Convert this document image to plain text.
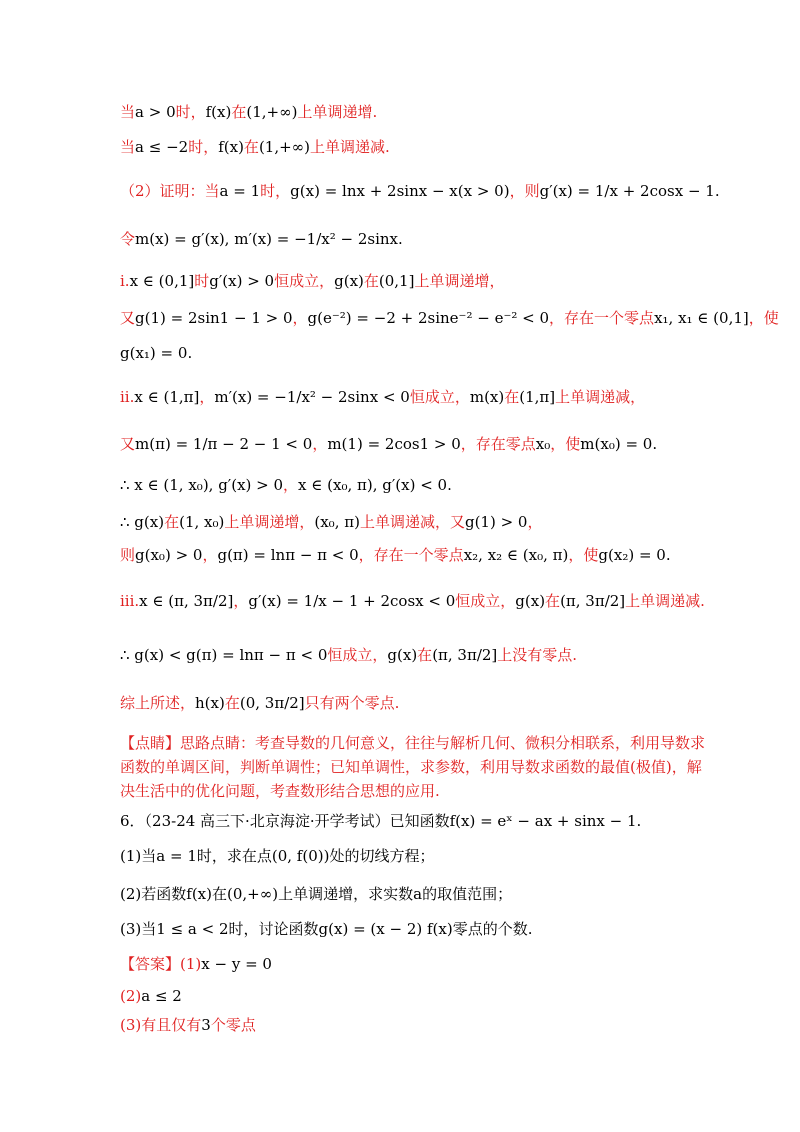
当a > 0时，f(x)在(1,+∞)上单调递增.
当a ≤ −2时，f(x)在(1,+∞)上单调递减.
（2）证明：当a = 1时，g(x) = lnx + 2sinx − x(x > 0)，则g′(x) = 1/x + 2cosx − 1.
令m(x) = g′(x), m′(x) = −1/x² − 2sinx.
i.x ∈ (0,1]时g′(x) > 0恒成立，g(x)在(0,1]上单调递增，
又g(1) = 2sin1 − 1 > 0，g(e⁻²) = −2 + 2sine⁻² − e⁻² < 0，存在一个零点x₁, x₁ ∈ (0,1]，使
g(x₁) = 0.
ii.x ∈ (1,π]，m′(x) = −1/x² − 2sinx < 0恒成立，m(x)在(1,π]上单调递减，
又m(π) = 1/π − 2 − 1 < 0，m(1) = 2cos1 > 0，存在零点x₀，使m(x₀) = 0.
∴ x ∈ (1, x₀), g′(x) > 0，x ∈ (x₀, π), g′(x) < 0.
∴ g(x)在(1, x₀)上单调递增，(x₀, π)上单调递减，又g(1) > 0，
则g(x₀) > 0，g(π) = lnπ − π < 0，存在一个零点x₂, x₂ ∈ (x₀, π)，使g(x₂) = 0.
iii.x ∈ (π, 3π/2]，g′(x) = 1/x − 1 + 2cosx < 0恒成立，g(x)在(π, 3π/2]上单调递减.
∴ g(x) < g(π) = lnπ − π < 0恒成立，g(x)在(π, 3π/2]上没有零点.
综上所述，h(x)在(0, 3π/2]只有两个零点.
【点睛】思路点睛：考查导数的几何意义，往往与解析几何、微积分相联系，利用导数求
函数的单调区间，判断单调性；已知单调性，求参数，利用导数求函数的最值(极值)，解
决生活中的优化问题，考查数形结合思想的应用.
6．（23-24 高三下·北京海淀·开学考试）已知函数f(x) = eˣ − ax + sinx − 1.
(1)当a = 1时，求在点(0, f(0))处的切线方程；
(2)若函数f(x)在(0,+∞)上单调递增，求实数a的取值范围；
(3)当1 ≤ a < 2时，讨论函数g(x) = (x − 2) f(x)零点的个数.
【答案】(1)x − y = 0
(2)a ≤ 2
(3)有且仅有3个零点
